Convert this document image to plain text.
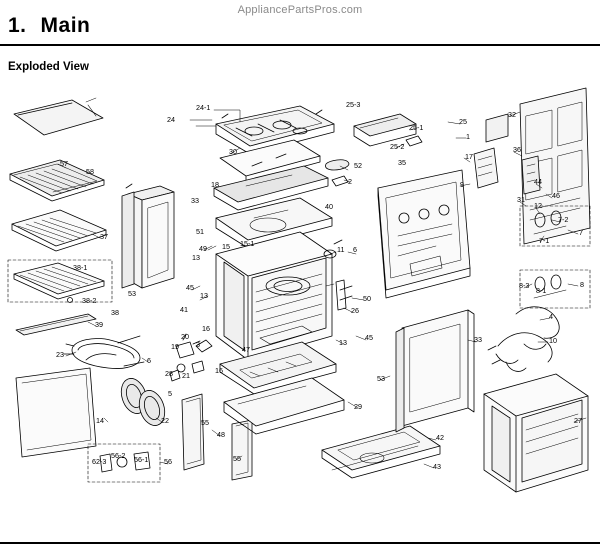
AppliancePartsPros.com
1. Main
Exploded View
58
57
37
38-1
38-2
39
23
6
14	22
5
21
28
19
20
16
3
16
62-3
56-2 56-1 56
48
55
55
38
53
45
13
41
13
49 15 15-1
51
33
18
30
24
24-1
40
52
2
35
11 6
50
26
13
45
47
29
42
43
53
33	10
4
27
25-3
25-1
25-2
25
1
17
9
36
32
44
46
31
12
7-2
7-1
7
8-3
8-1
8
